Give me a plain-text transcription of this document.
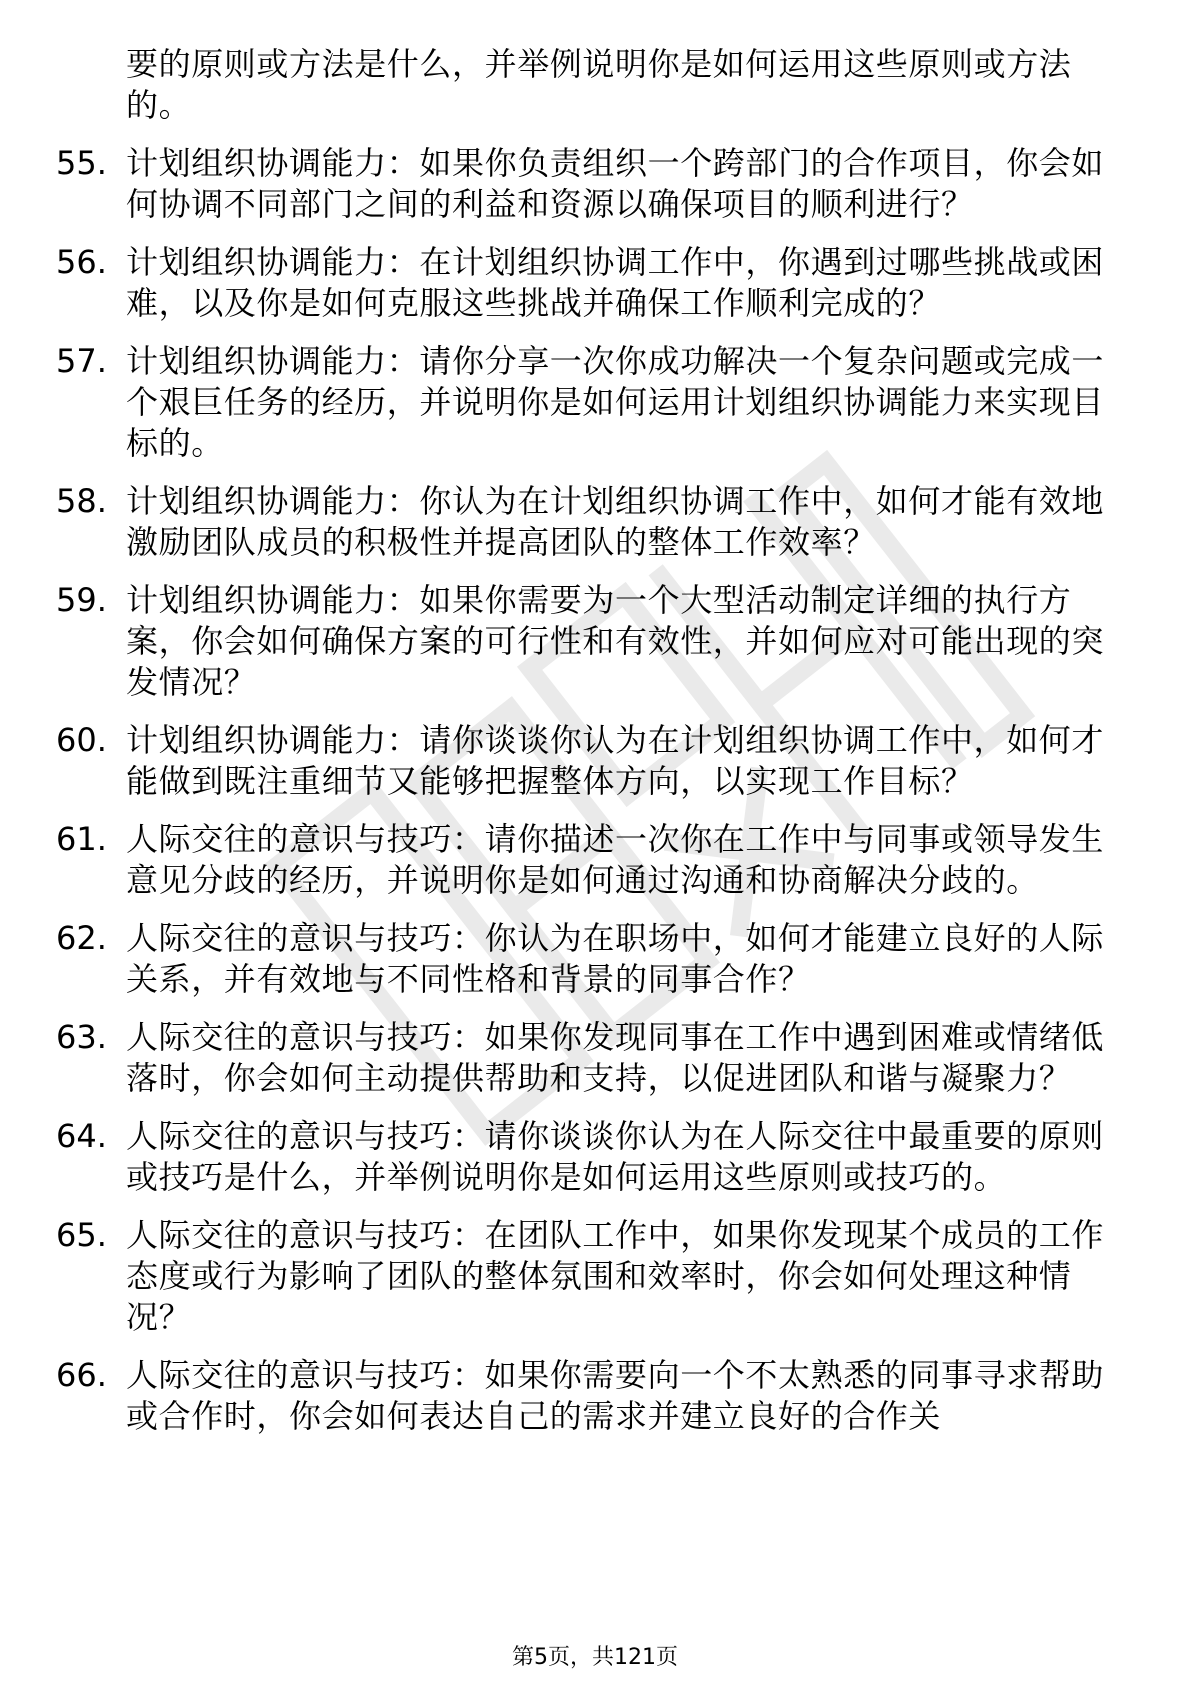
要的原则或方法是什么，并举例说明你是如何运用这些原则或方法的。
55. 计划组织协调能力：如果你负责组织一个跨部门的合作项目，你会如何协调不同部门之间的利益和资源以确保项目的顺利进行？
56. 计划组织协调能力：在计划组织协调工作中，你遇到过哪些挑战或困难，以及你是如何克服这些挑战并确保工作顺利完成的？
57. 计划组织协调能力：请你分享一次你成功解决一个复杂问题或完成一个艰巨任务的经历，并说明你是如何运用计划组织协调能力来实现目标的。
58. 计划组织协调能力：你认为在计划组织协调工作中，如何才能有效地激励团队成员的积极性并提高团队的整体工作效率？
59. 计划组织协调能力：如果你需要为一个大型活动制定详细的执行方案，你会如何确保方案的可行性和有效性，并如何应对可能出现的突发情况？
60. 计划组织协调能力：请你谈谈你认为在计划组织协调工作中，如何才能做到既注重细节又能够把握整体方向，以实现工作目标？
61. 人际交往的意识与技巧：请你描述一次你在工作中与同事或领导发生意见分歧的经历，并说明你是如何通过沟通和协商解决分歧的。
62. 人际交往的意识与技巧：你认为在职场中，如何才能建立良好的人际关系，并有效地与不同性格和背景的同事合作？
63. 人际交往的意识与技巧：如果你发现同事在工作中遇到困难或情绪低落时，你会如何主动提供帮助和支持，以促进团队和谐与凝聚力？
64. 人际交往的意识与技巧：请你谈谈你认为在人际交往中最重要的原则或技巧是什么，并举例说明你是如何运用这些原则或技巧的。
65. 人际交往的意识与技巧：在团队工作中，如果你发现某个成员的工作态度或行为影响了团队的整体氛围和效率时，你会如何处理这种情况？
66. 人际交往的意识与技巧：如果你需要向一个不太熟悉的同事寻求帮助或合作时，你会如何表达自己的需求并建立良好的合作关
第5页，共121页
